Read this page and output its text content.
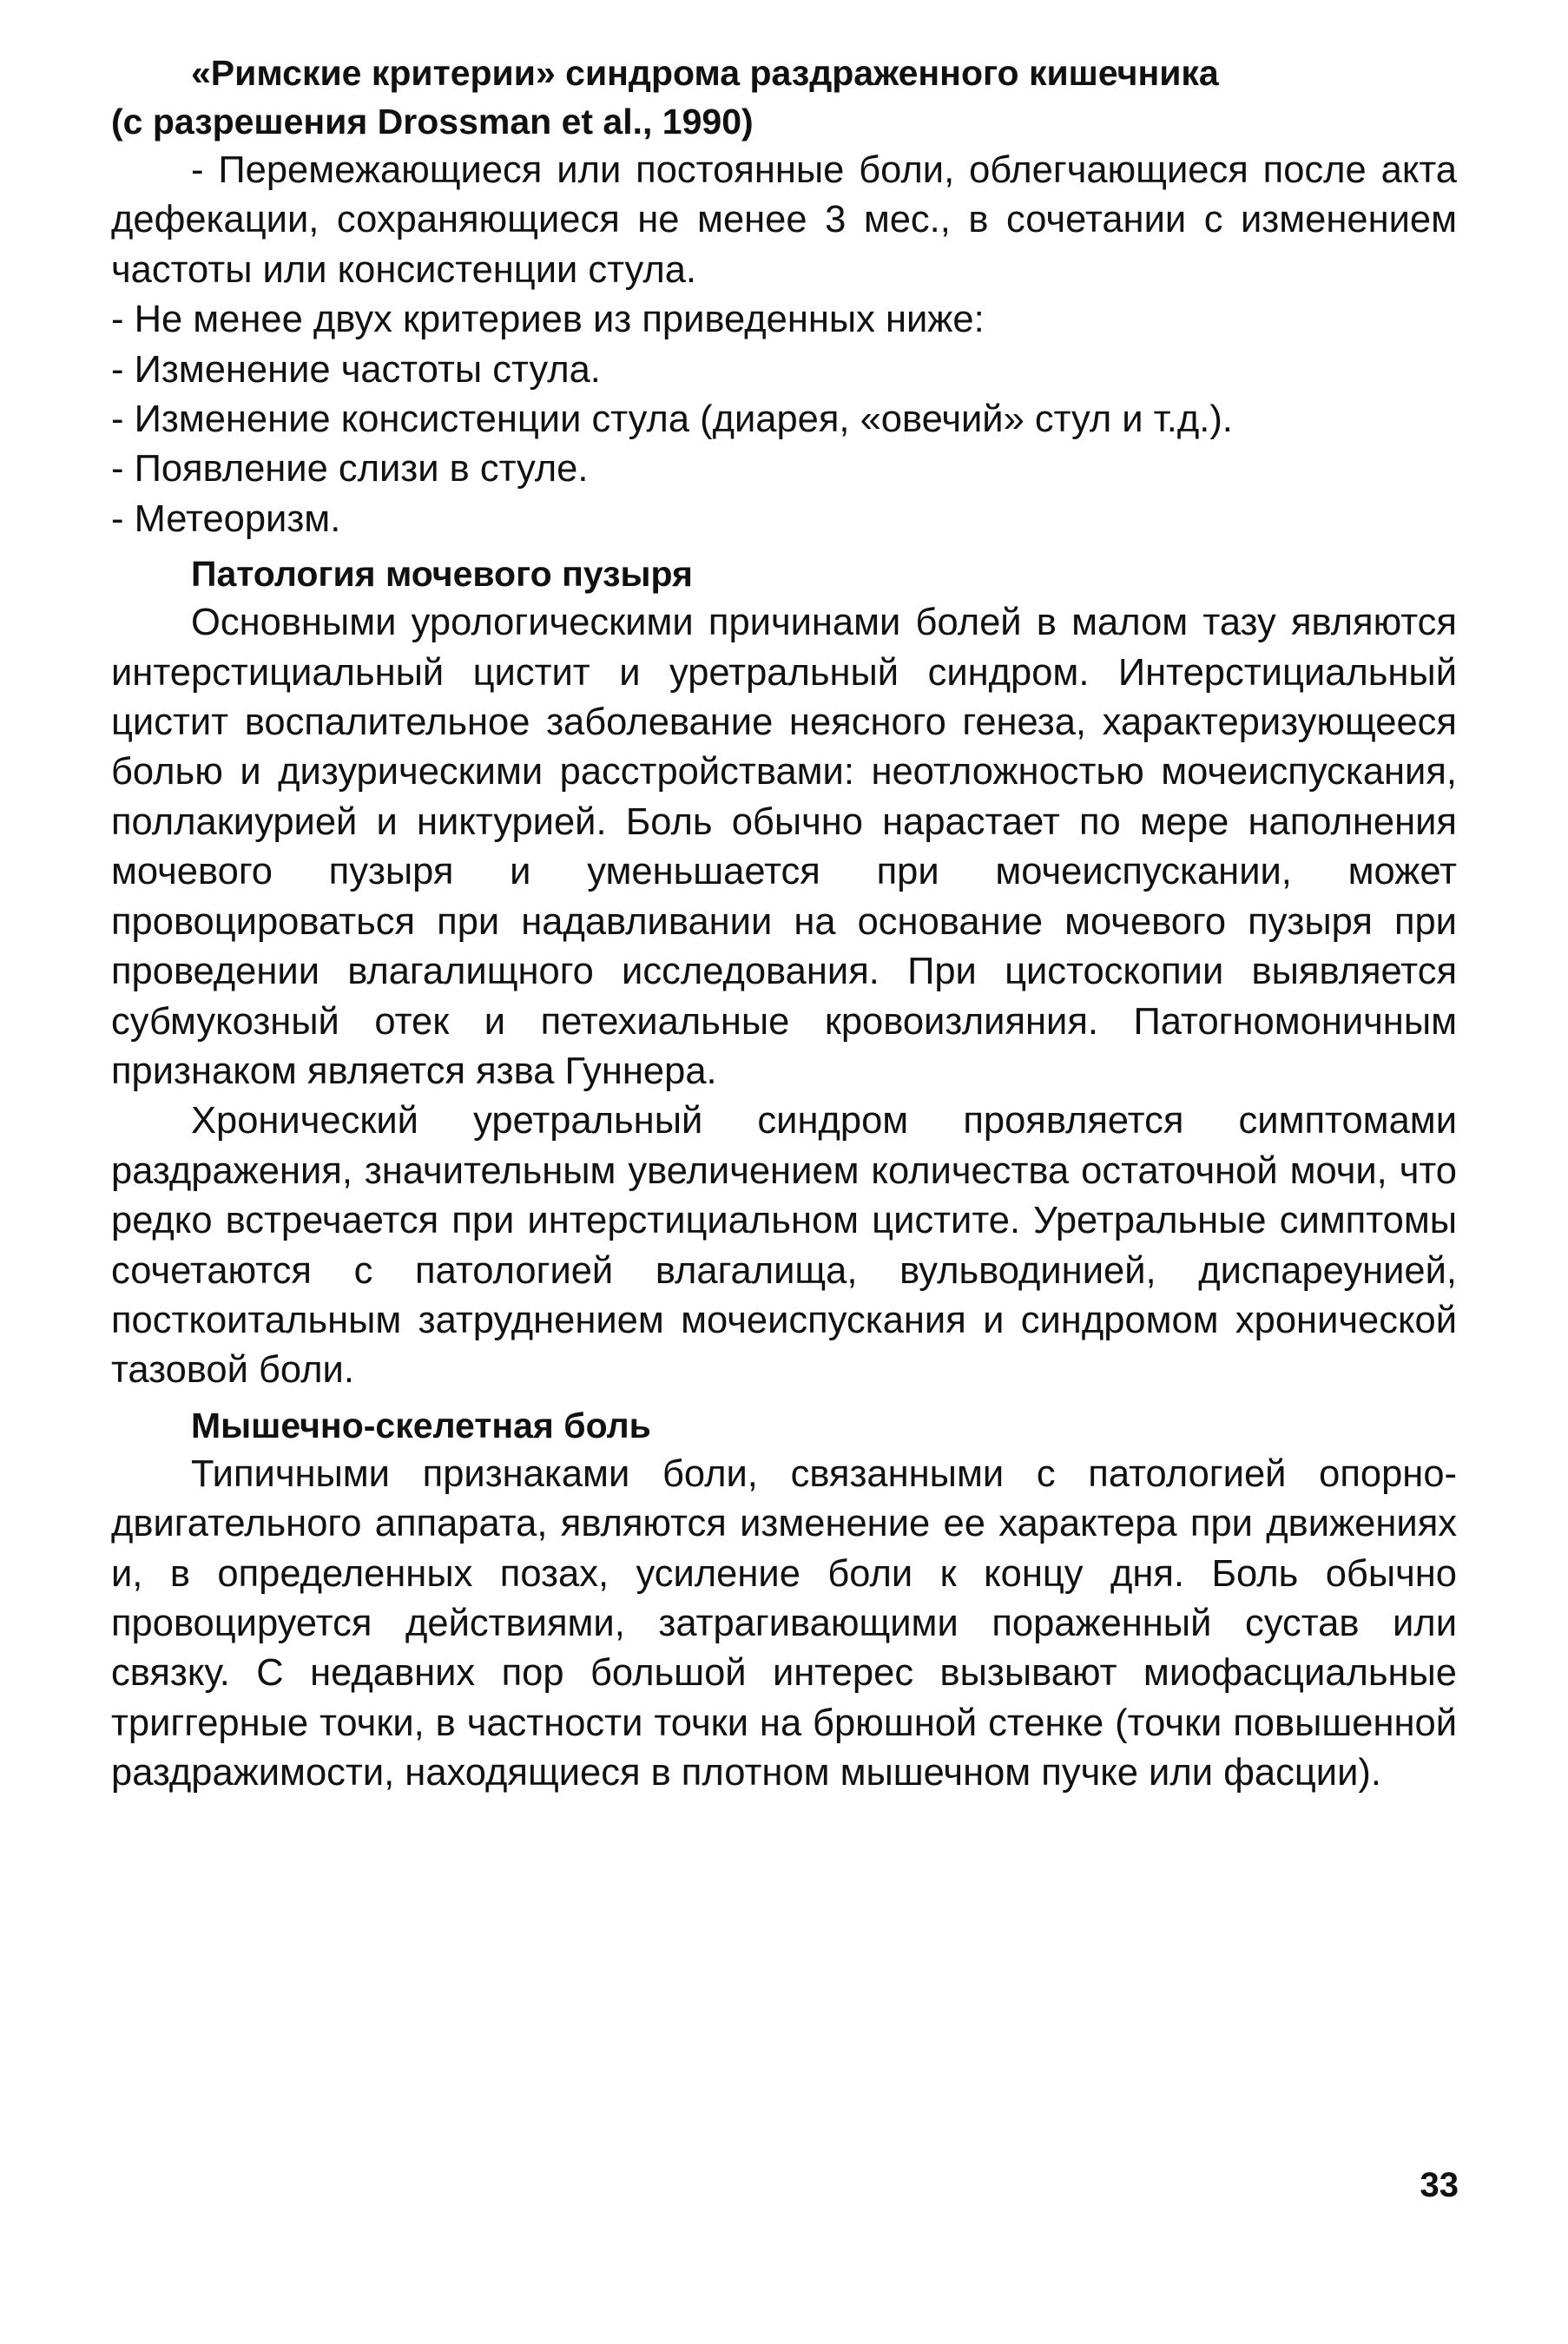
«Римские критерии» синдрома раздраженного кишечника

(с разрешения Drossman et al., 1990)

- Перемежающиеся или постоянные боли, облегчающиеся после акта дефекации, сохраняющиеся не менее 3 мес., в сочетании с изменением частоты или консистенции стула.

- Не менее двух критериев из приведенных ниже:

- Изменение частоты стула.

- Изменение консистенции стула (диарея, «овечий» стул и т.д.).

- Появление слизи в стуле.

- Метеоризм.

Патология мочевого пузыря

Основными урологическими причинами болей в малом тазу являются интерстициальный цистит и уретральный синдром. Интерстициальный цистит воспалительное заболевание неясного генеза, характеризующееся болью и дизурическими расстройствами: неотложностью мочеиспускания, поллакиурией и никтурией. Боль обычно нарастает по мере наполнения мочевого пузыря и уменьшается при мочеиспускании, может провоцироваться при надавливании на основание мочевого пузыря при проведении влагалищного исследования. При цистоскопии выявляется субмукозный отек и петехиальные кровоизлияния. Патогномоничным признаком является язва Гуннера.

Хронический уретральный синдром проявляется симптомами раздражения, значительным увеличением количества остаточной мочи, что редко встречается при интерстициальном цистите. Уретральные симптомы сочетаются с патологией влагалища, вульводинией, диспареунией, посткоитальным затруднением мочеиспускания и синдромом хронической тазовой боли.

Мышечно-скелетная боль

Типичными признаками боли, связанными с патологией опорно-двигательного аппарата, являются изменение ее характера при движениях и, в определенных позах, усиление боли к концу дня. Боль обычно провоцируется действиями, затрагивающими пораженный сустав или связку. С недавних пор большой интерес вызывают миофасциальные триггерные точки, в частности точки на брюшной стенке (точки повышенной раздражимости, находящиеся в плотном мышечном пучке или фасции).

33
